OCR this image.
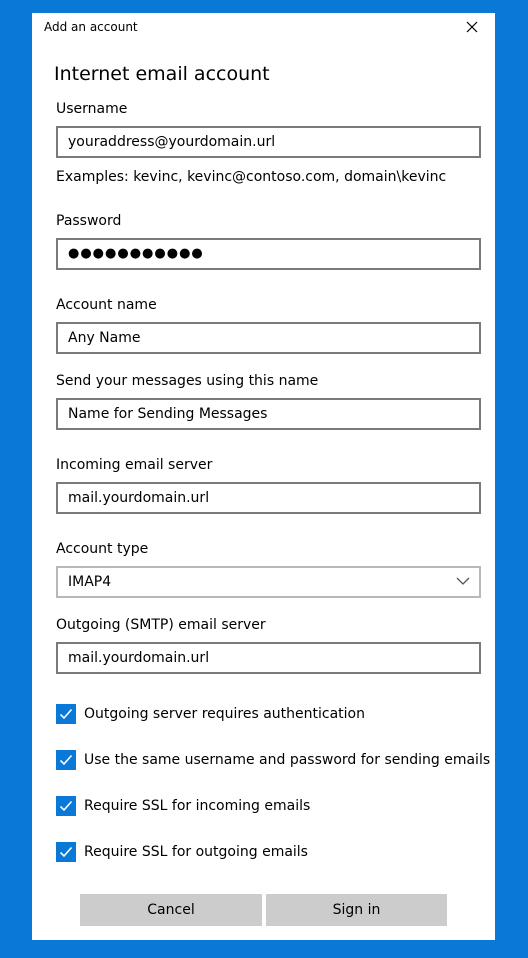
Add an account
Internet email account
Username
youraddress@yourdomain.url
Examples: kevinc, kevinc@contoso.com, domain\kevinc
Password
●●●●●●●●●●●
Account name
Any Name
Send your messages using this name
Name for Sending Messages
Incoming email server
mail.yourdomain.url
Account type
IMAP4
Outgoing (SMTP) email server
mail.yourdomain.url
Outgoing server requires authentication
Use the same username and password for sending emails
Require SSL for incoming emails
Require SSL for outgoing emails
Cancel	Sign in
